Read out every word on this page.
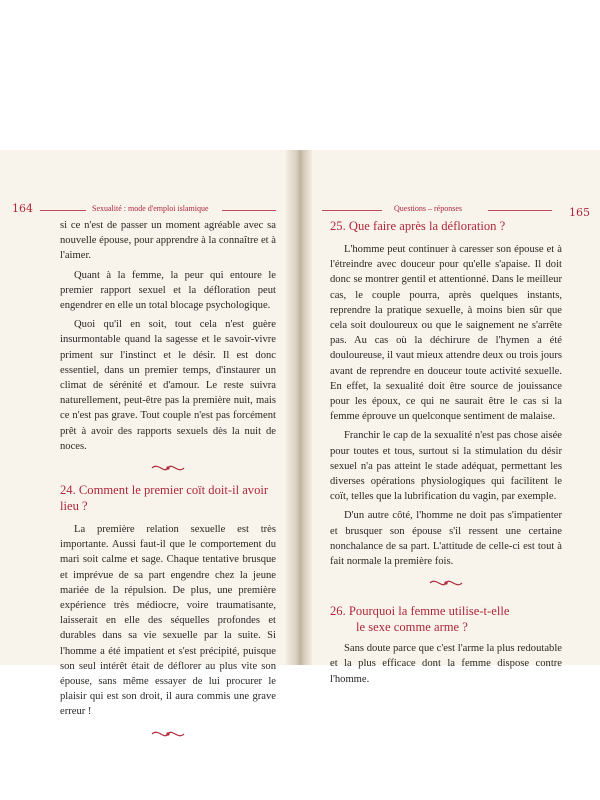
164	Sexualité : mode d'emploi islamique

si ce n'est de passer un moment agréable avec sa nouvelle épouse, pour apprendre à la connaître et à l'aimer.

Quant à la femme, la peur qui entoure le premier rapport sexuel et la défloration peut engendrer en elle un total blocage psychologique.

Quoi qu'il en soit, tout cela n'est guère insurmontable quand la sagesse et le savoir-vivre priment sur l'instinct et le désir. Il est donc essentiel, dans un premier temps, d'instaurer un climat de sérénité et d'amour. Le reste suivra naturellement, peut-être pas la première nuit, mais ce n'est pas grave. Tout couple n'est pas forcément prêt à avoir des rapports sexuels dès la nuit de noces.

24. Comment le premier coït doit-il avoir lieu ?

La première relation sexuelle est très importante. Aussi faut-il que le comportement du mari soit calme et sage. Chaque tentative brusque et imprévue de sa part engendre chez la jeune mariée de la répulsion. De plus, une première expérience très médiocre, voire traumatisante, laisserait en elle des séquelles profondes et durables dans sa vie sexuelle par la suite. Si l'homme a été impatient et s'est précipité, puisque son seul intérêt était de déflorer au plus vite son épouse, sans même essayer de lui procurer le plaisir qui est son droit, il aura commis une grave erreur !

Questions – réponses	165
25. Que faire après la défloration ?

L'homme peut continuer à caresser son épouse et à l'étreindre avec douceur pour qu'elle s'apaise. Il doit donc se montrer gentil et attentionné. Dans le meilleur cas, le couple pourra, après quelques instants, reprendre la pratique sexuelle, à moins bien sûr que cela soit douloureux ou que le saignement ne s'arrête pas. Au cas où la déchirure de l'hymen a été douloureuse, il vaut mieux attendre deux ou trois jours avant de reprendre en douceur toute activité sexuelle. En effet, la sexualité doit être source de jouissance pour les époux, ce qui ne saurait être le cas si la femme éprouve un quelconque sentiment de malaise.

Franchir le cap de la sexualité n'est pas chose aisée pour toutes et tous, surtout si la stimulation du désir sexuel n'a pas atteint le stade adéquat, permettant les diverses opérations physiologiques qui facilitent le coït, telles que la lubrification du vagin, par exemple.

D'un autre côté, l'homme ne doit pas s'impatienter et brusquer son épouse s'il ressent une certaine nonchalance de sa part. L'attitude de celle-ci est tout à fait normale la première fois.

26. Pourquoi la femme utilise-t-elle
le sexe comme arme ?

Sans doute parce que c'est l'arme la plus redoutable et la plus efficace dont la femme dispose contre l'homme.
